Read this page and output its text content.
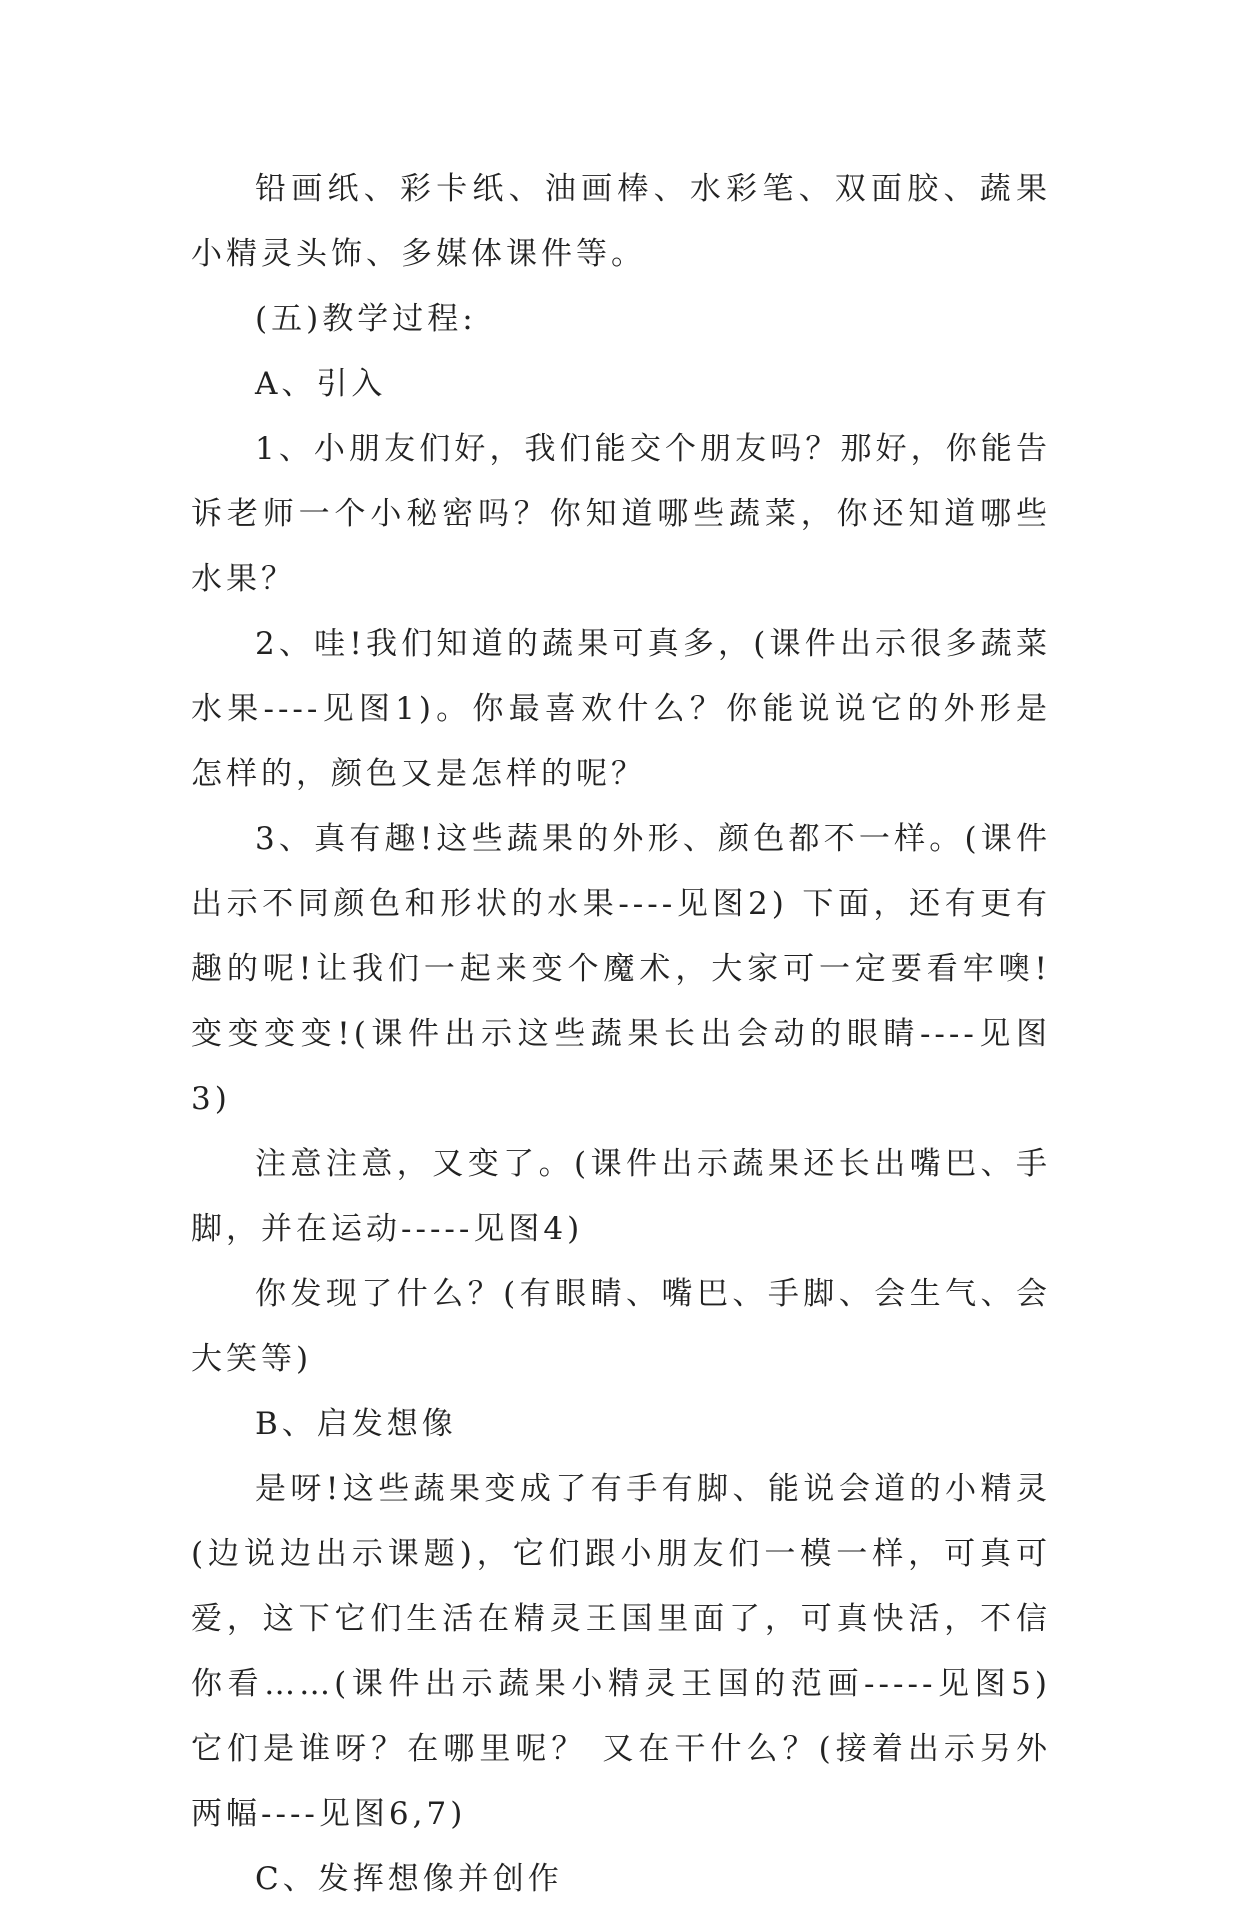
铅画纸、彩卡纸、油画棒、水彩笔、双面胶、蔬果小精灵头饰、多媒体课件等。

(五)教学过程:

A、引入

1、小朋友们好，我们能交个朋友吗？那好，你能告诉老师一个小秘密吗？你知道哪些蔬菜，你还知道哪些水果？

2、哇!我们知道的蔬果可真多，(课件出示很多蔬菜水果----见图1)。你最喜欢什么？你能说说它的外形是怎样的，颜色又是怎样的呢？

3、真有趣!这些蔬果的外形、颜色都不一样。(课件出示不同颜色和形状的水果----见图2) 下面，还有更有趣的呢!让我们一起来变个魔术，大家可一定要看牢噢!变变变变!(课件出示这些蔬果长出会动的眼睛----见图3)

注意注意，又变了。(课件出示蔬果还长出嘴巴、手脚，并在运动-----见图4)

你发现了什么？(有眼睛、嘴巴、手脚、会生气、会大笑等)

B、启发想像

是呀!这些蔬果变成了有手有脚、能说会道的小精灵(边说边出示课题)，它们跟小朋友们一模一样，可真可爱，这下它们生活在精灵王国里面了，可真快活，不信你看……(课件出示蔬果小精灵王国的范画-----见图5)它们是谁呀？在哪里呢？ 又在干什么？(接着出示另外两幅----见图6,7)

C、发挥想像并创作
